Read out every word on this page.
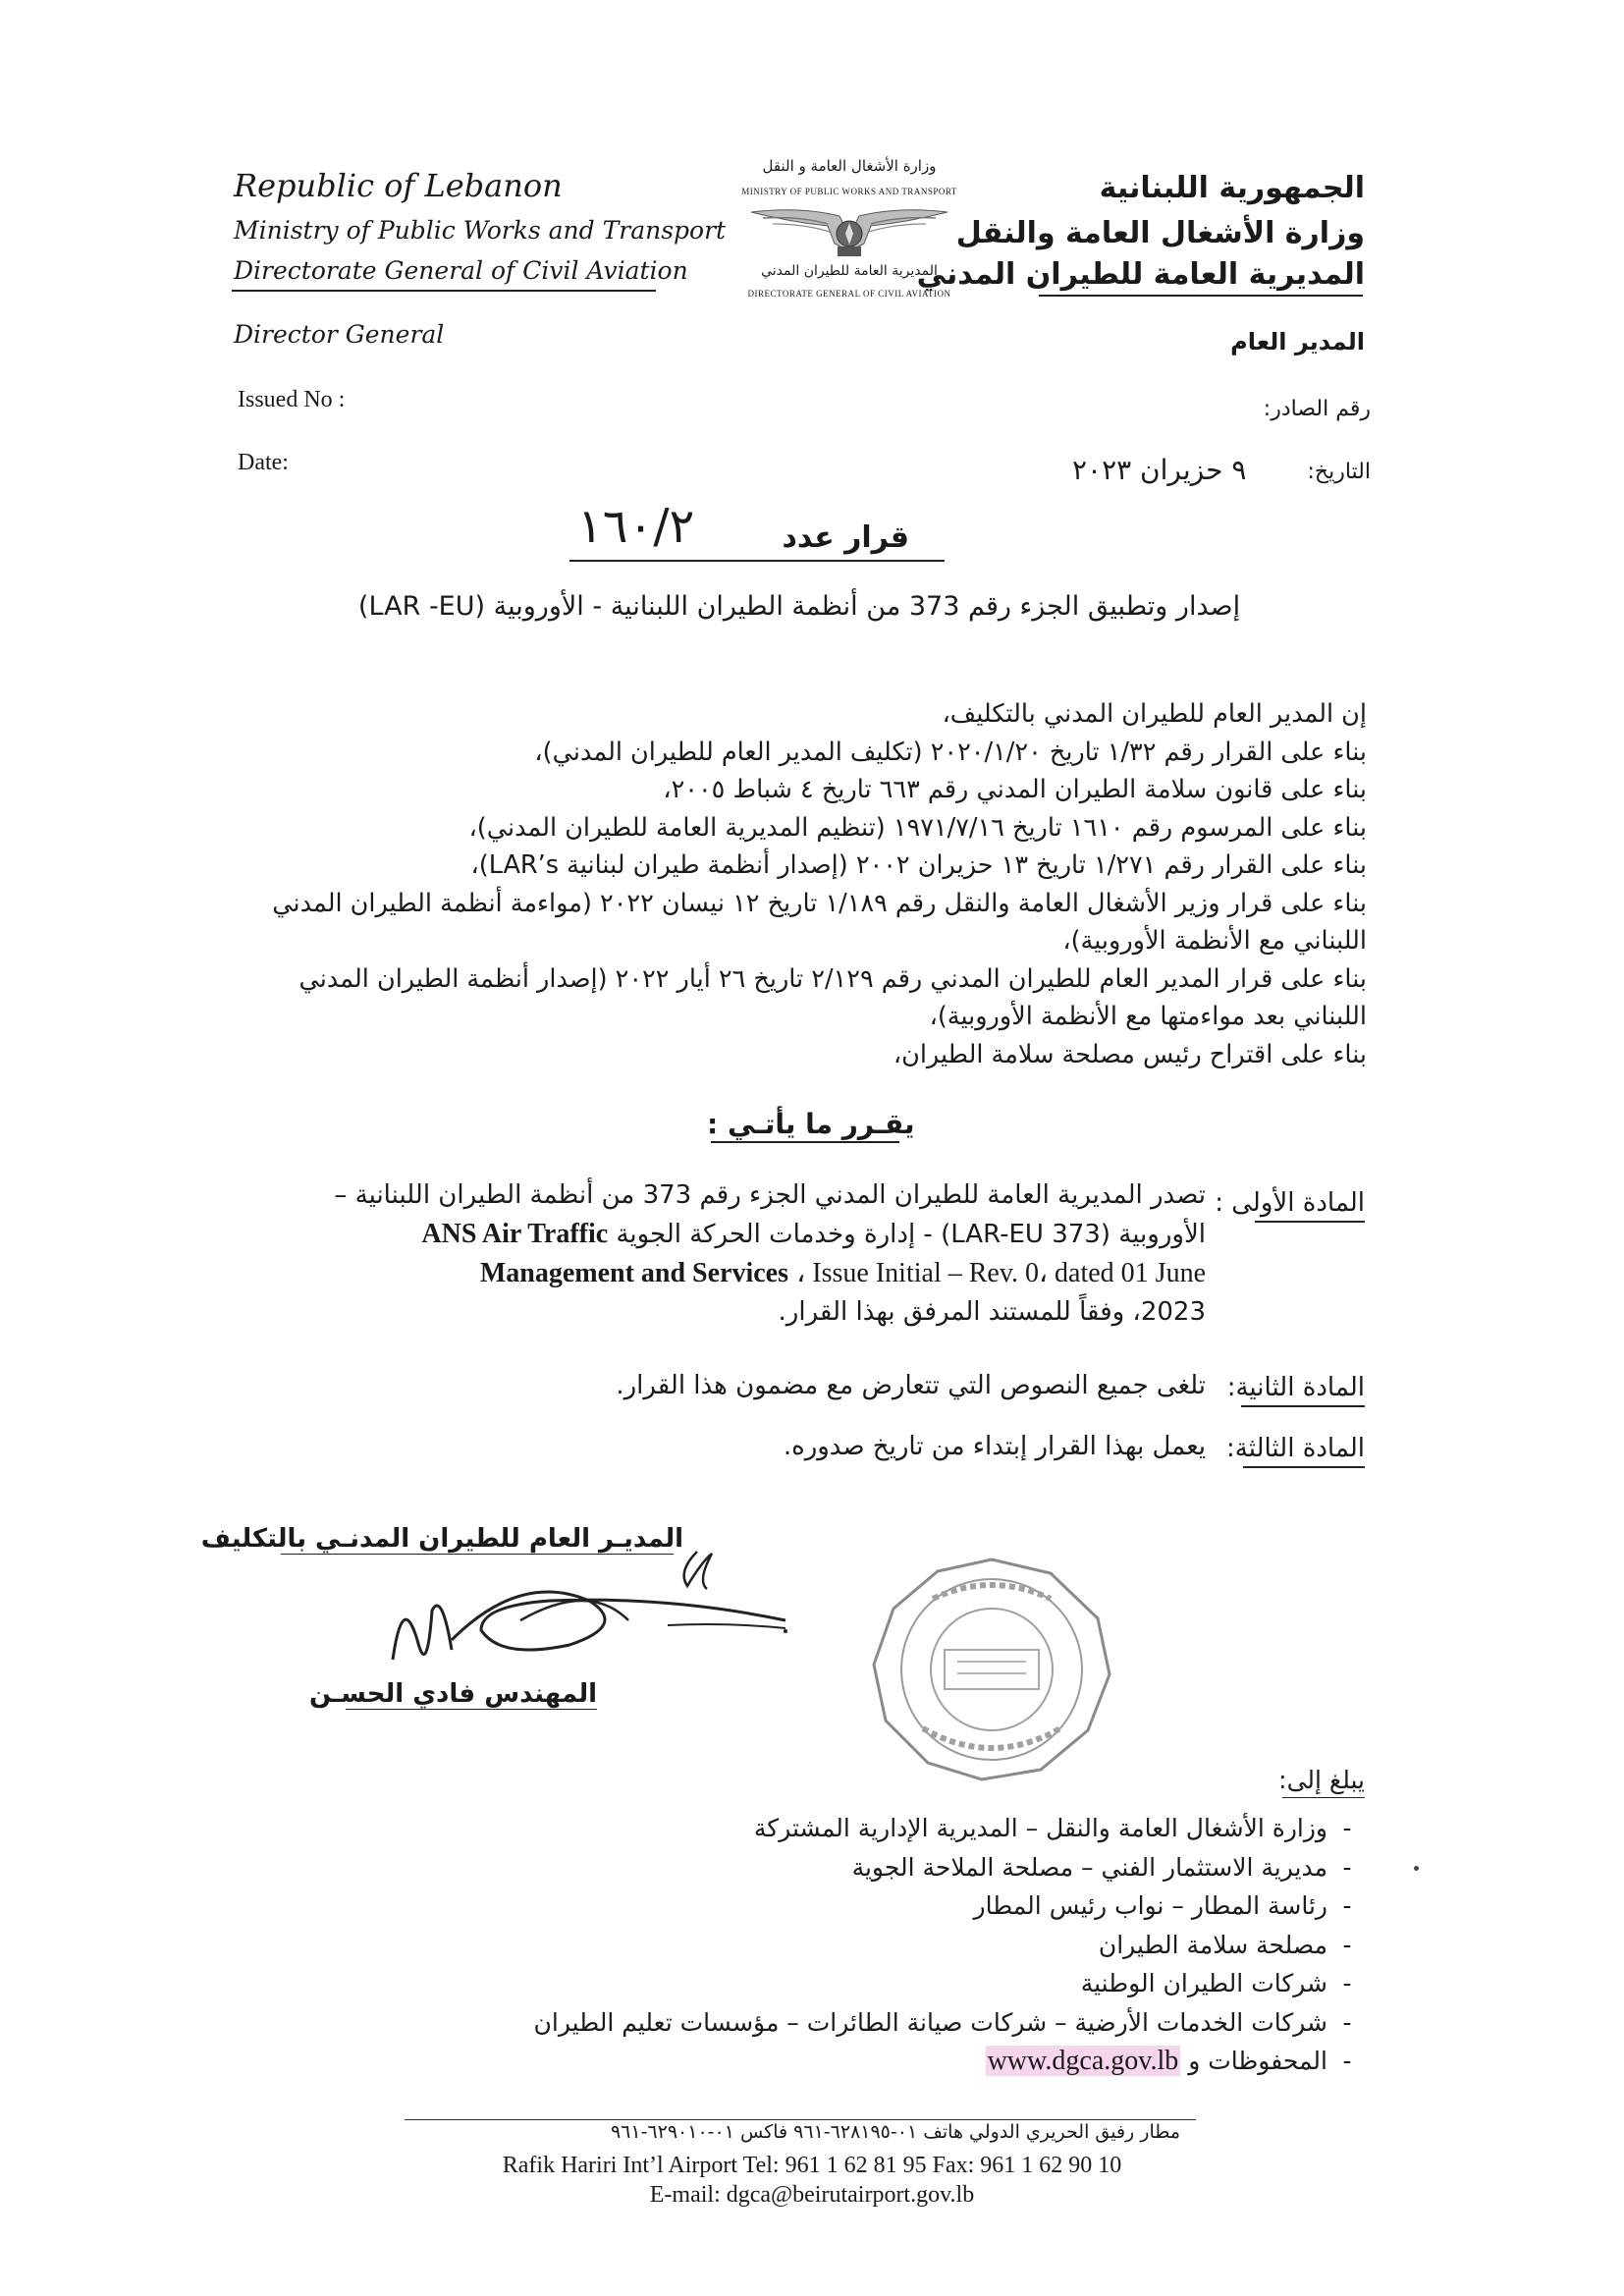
Republic of Lebanon
Ministry of Public Works and Transport
Directorate General of Civil Aviation
Director General
الجمهورية اللبنانية
وزارة الأشغال العامة والنقل
المديرية العامة للطيران المدني
المدير العام
وزارة الأشغال العامة و النقل
MINISTRY OF PUBLIC WORKS AND TRANSPORT
المديرية العامة للطيران المدني
DIRECTORATE GENERAL OF CIVIL AVIATION
Issued No :
Date:
رقم الصادر:
التاريخ:
٩ حزيران ٢٠٢٣
قرار عدد
١٦٠/٢
إصدار وتطبيق الجزء رقم 373 من أنظمة الطيران اللبنانية - الأوروبية (LAR -EU)
إن المدير العام للطيران المدني بالتكليف،
بناء على القرار رقم ١/٣٢ تاريخ ٢٠٢٠/١/٢٠ (تكليف المدير العام للطيران المدني)،
بناء على قانون سلامة الطيران المدني رقم ٦٦٣ تاريخ ٤ شباط ٢٠٠٥،
بناء على المرسوم رقم ١٦١٠ تاريخ ١٩٧١/٧/١٦ (تنظيم المديرية العامة للطيران المدني)،
بناء على القرار رقم ١/٢٧١ تاريخ ١٣ حزيران ٢٠٠٢ (إصدار أنظمة طيران لبنانية LAR’s)،
بناء على قرار وزير الأشغال العامة والنقل رقم ١/١٨٩ تاريخ ١٢ نيسان ٢٠٢٢ (مواءمة أنظمة الطيران المدني
اللبناني مع الأنظمة الأوروبية)،
بناء على قرار المدير العام للطيران المدني رقم ٢/١٢٩ تاريخ ٢٦ أيار ٢٠٢٢ (إصدار أنظمة الطيران المدني
اللبناني بعد مواءمتها مع الأنظمة الأوروبية)،
بناء على اقتراح رئيس مصلحة سلامة الطيران،
يقـرر ما يأتـي :
المادة الأولى :
تصدر المديرية العامة للطيران المدني الجزء رقم 373 من أنظمة الطيران اللبنانية –
الأوروبية (LAR-EU 373) - إدارة وخدمات الحركة الجوية ANS Air Traffic
Management and Services ، Issue Initial – Rev. 0، dated 01 June
2023، وفقاً للمستند المرفق بهذا القرار.
المادة الثانية:
تلغى جميع النصوص التي تتعارض مع مضمون هذا القرار.
المادة الثالثة:
يعمل بهذا القرار إبتداء من تاريخ صدوره.
المديـر العام للطيران المدنـي بالتكليف
المهندس فادي الحسـن
يبلغ إلى:
-وزارة الأشغال العامة والنقل – المديرية الإدارية المشتركة
-مديرية الاستثمار الفني – مصلحة الملاحة الجوية
-رئاسة المطار – نواب رئيس المطار
-مصلحة سلامة الطيران
-شركات الطيران الوطنية
-شركات الخدمات الأرضية – شركات صيانة الطائرات – مؤسسات تعليم الطيران
-المحفوظات و www.dgca.gov.lb
مطار رفيق الحريري الدولي هاتف ٠١-٦٢٨١٩٥-٩٦١ فاكس ٠١-٦٢٩٠١٠-٩٦١
Rafik Hariri Int’l Airport Tel: 961 1 62 81 95 Fax: 961 1 62 90 10
E-mail: dgca@beirutairport.gov.lb
